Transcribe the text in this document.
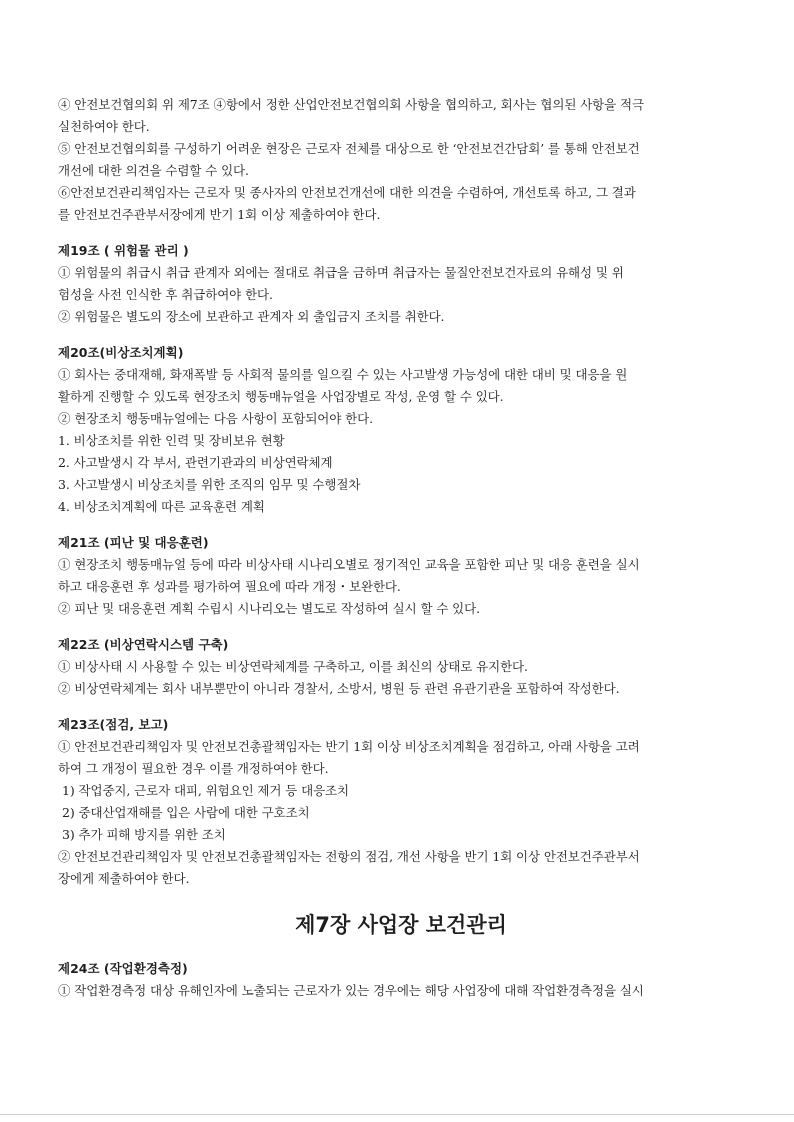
④ 안전보건협의회 위 제7조 ④항에서 정한 산업안전보건협의회 사항을 협의하고, 회사는 협의된 사항을 적극
실천하여야 한다.
⑤ 안전보건협의회를 구성하기 어려운 현장은 근로자 전체를 대상으로 한 ‘안전보건간담회’ 를 통해 안전보건
개선에 대한 의견을 수렴할 수 있다.
⑥안전보건관리책임자는 근로자 및 종사자의 안전보건개선에 대한 의견을 수렴하여, 개선토록 하고, 그 결과
를 안전보건주관부서장에게 반기 1회 이상 제출하여야 한다.
제19조 ( 위험물 관리 )
① 위험물의 취급시 취급 관계자 외에는 절대로 취급을 금하며 취급자는 물질안전보건자료의 유해성 및 위
험성을 사전 인식한 후 취급하여야 한다.
② 위험물은 별도의 장소에 보관하고 관계자 외 출입금지 조치를 취한다.
제20조(비상조치계획)
① 회사는 중대재해, 화재폭발 등 사회적 물의를 일으킬 수 있는 사고발생 가능성에 대한 대비 및 대응을 원
활하게 진행할 수 있도록 현장조치 행동매뉴얼을 사업장별로 작성, 운영 할 수 있다.
② 현장조치 행동매뉴얼에는 다음 사항이 포함되어야 한다.
1. 비상조치를 위한 인력 및 장비보유 현황
2. 사고발생시 각 부서, 관련기관과의 비상연락체계
3. 사고발생시 비상조치를 위한 조직의 임무 및 수행절차
4. 비상조치계획에 따른 교육훈련 계획
제21조 (피난 및 대응훈련)
① 현장조치 행동매뉴얼 등에 따라 비상사태 시나리오별로 정기적인 교육을 포함한 피난 및 대응 훈련을 실시
하고 대응훈련 후 성과를 평가하여 필요에 따라 개정・보완한다.
② 피난 및 대응훈련 계획 수립시 시나리오는 별도로 작성하여 실시 할 수 있다.
제22조 (비상연락시스템 구축)
① 비상사태 시 사용할 수 있는 비상연락체계를 구축하고, 이를 최신의 상태로 유지한다.
② 비상연락체계는 회사 내부뿐만이 아니라 경찰서, 소방서, 병원 등 관련 유관기관을 포함하여 작성한다.
제23조(점검, 보고)
① 안전보건관리책임자 및 안전보건총괄책임자는 반기 1회 이상 비상조치계획을 점검하고, 아래 사항을 고려
하여 그 개정이 필요한 경우 이를 개정하여야 한다.
1) 작업중지, 근로자 대피, 위험요인 제거 등 대응조치
2) 중대산업재해를 입은 사람에 대한 구호조치
3) 추가 피해 방지를 위한 조치
② 안전보건관리책임자 및 안전보건총괄책임자는 전항의 점검, 개선 사항을 반기 1회 이상 안전보건주관부서
장에게 제출하여야 한다.
제7장 사업장 보건관리
제24조 (작업환경측정)
① 작업환경측정 대상 유해인자에 노출되는 근로자가 있는 경우에는 해당 사업장에 대해 작업환경측정을 실시
